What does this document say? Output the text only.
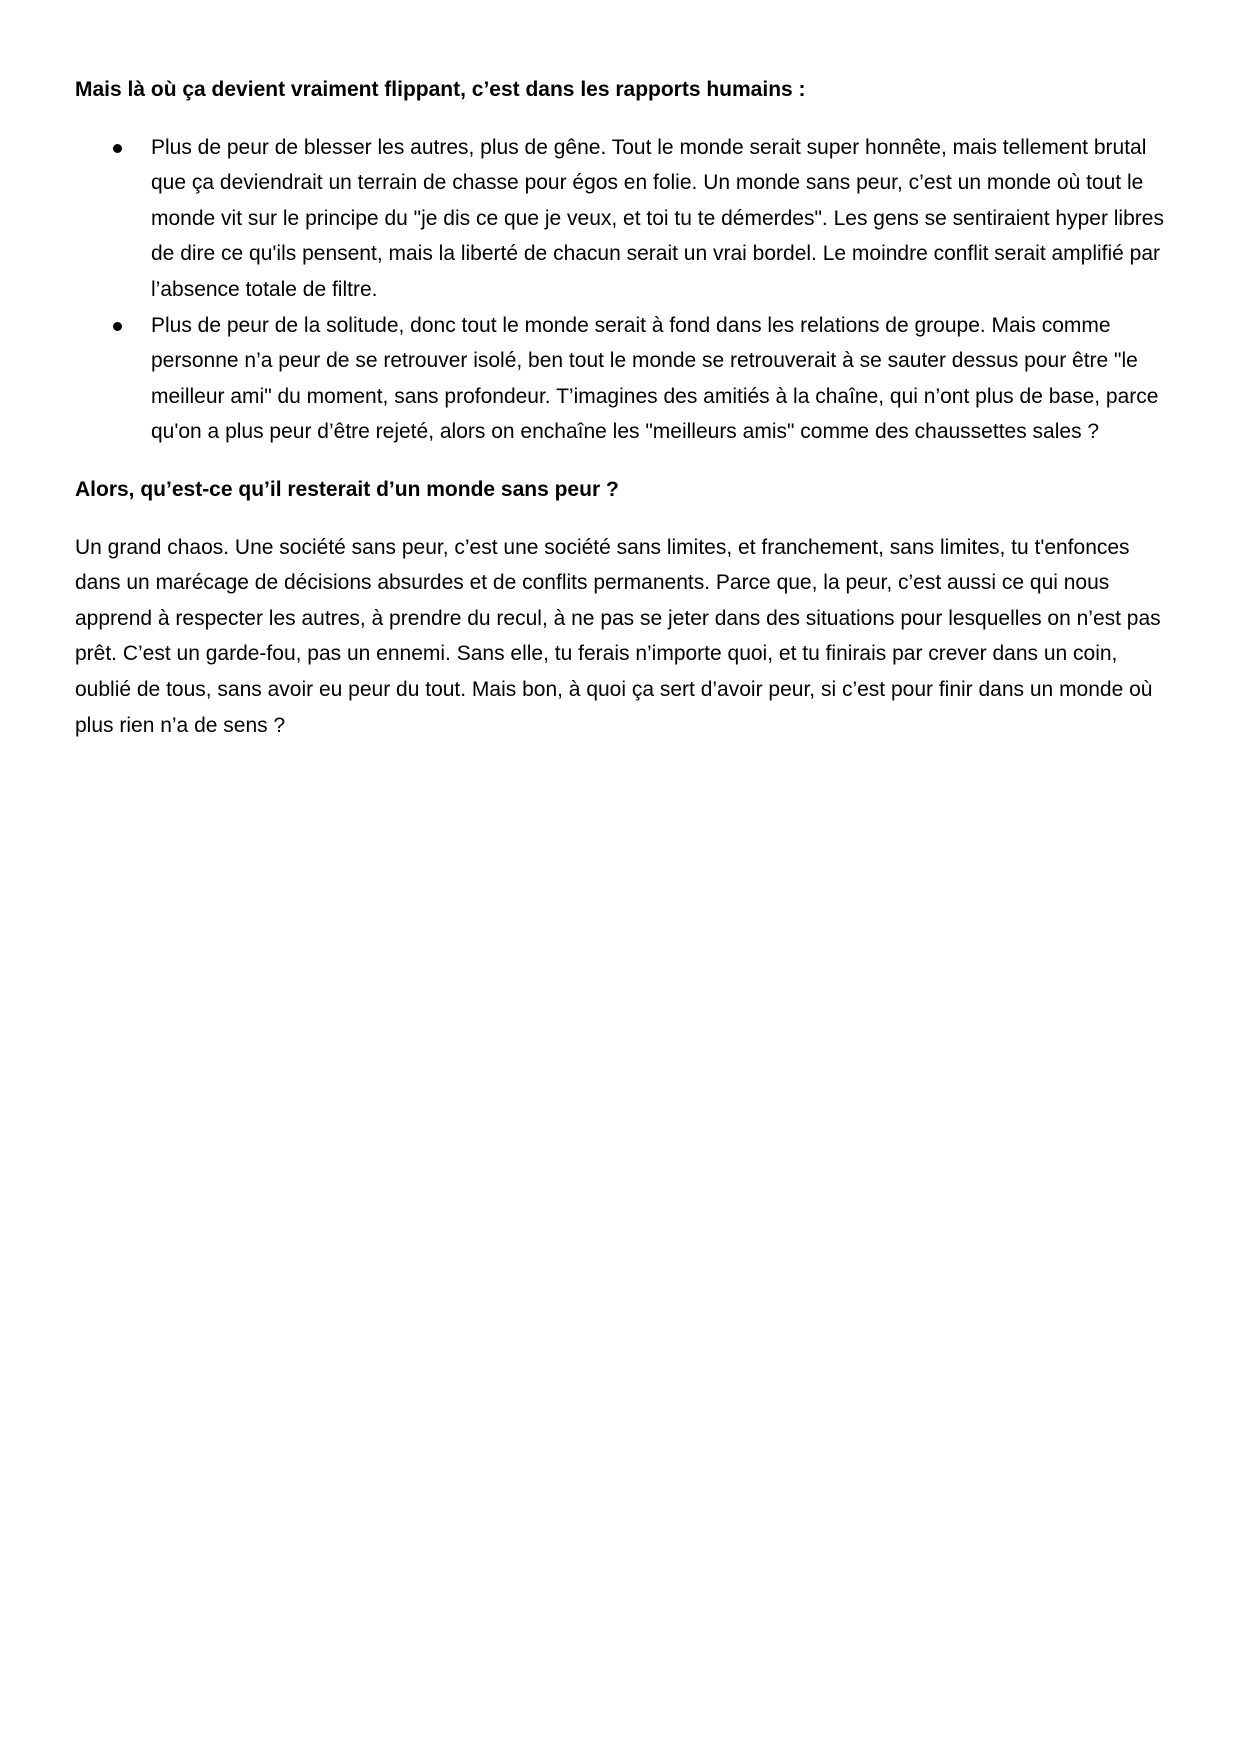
Mais là où ça devient vraiment flippant, c’est dans les rapports humains :

Plus de peur de blesser les autres, plus de gêne. Tout le monde serait super honnête, mais tellement brutal que ça deviendrait un terrain de chasse pour égos en folie. Un monde sans peur, c’est un monde où tout le monde vit sur le principe du "je dis ce que je veux, et toi tu te démerdes". Les gens se sentiraient hyper libres de dire ce qu'ils pensent, mais la liberté de chacun serait un vrai bordel. Le moindre conflit serait amplifié par l’absence totale de filtre.
Plus de peur de la solitude, donc tout le monde serait à fond dans les relations de groupe. Mais comme personne n’a peur de se retrouver isolé, ben tout le monde se retrouverait à se sauter dessus pour être "le meilleur ami" du moment, sans profondeur. T’imagines des amitiés à la chaîne, qui n’ont plus de base, parce qu'on a plus peur d’être rejeté, alors on enchaîne les "meilleurs amis" comme des chaussettes sales ?

Alors, qu’est-ce qu’il resterait d’un monde sans peur ?

Un grand chaos. Une société sans peur, c’est une société sans limites, et franchement, sans limites, tu t'enfonces dans un marécage de décisions absurdes et de conflits permanents. Parce que, la peur, c’est aussi ce qui nous apprend à respecter les autres, à prendre du recul, à ne pas se jeter dans des situations pour lesquelles on n’est pas prêt. C’est un garde-fou, pas un ennemi. Sans elle, tu ferais n’importe quoi, et tu finirais par crever dans un coin, oublié de tous, sans avoir eu peur du tout. Mais bon, à quoi ça sert d’avoir peur, si c’est pour finir dans un monde où plus rien n’a de sens ?
